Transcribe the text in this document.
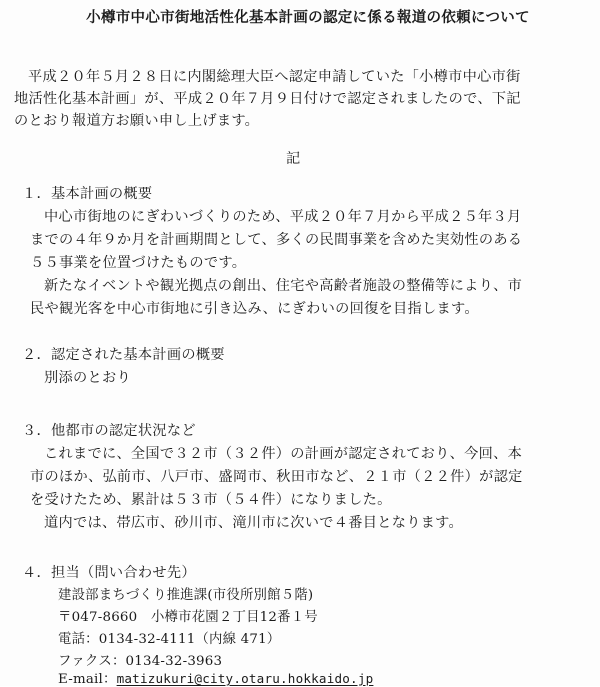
小樽市中心市街地活性化基本計画の認定に係る報道の依頼について
平成２０年５月２８日に内閣総理大臣へ認定申請していた「小樽市中心市街
地活性化基本計画」が、平成２０年７月９日付けで認定されましたので、下記
のとおり報道方お願い申し上げます。
記
１．基本計画の概要
中心市街地のにぎわいづくりのため、平成２０年７月から平成２５年３月
までの４年９か月を計画期間として、多くの民間事業を含めた実効性のある
５５事業を位置づけたものです。
新たなイベントや観光拠点の創出、住宅や高齢者施設の整備等により、市
民や観光客を中心市街地に引き込み、にぎわいの回復を目指します。
２．認定された基本計画の概要
別添のとおり
３．他都市の認定状況など
これまでに、全国で３２市（３２件）の計画が認定されており、今回、本
市のほか、弘前市、八戸市、盛岡市、秋田市など、２１市（２２件）が認定
を受けたため、累計は５３市（５４件）になりました。
道内では、帯広市、砂川市、滝川市に次いで４番目となります。
４．担当（問い合わせ先）
建設部まちづくり推進課(市役所別館５階)
〒047-8660　小樽市花園２丁目12番１号
電話：0134-32-4111（内線 471）
ファクス：0134-32-3963
E-mail：matizukuri@city.otaru.hokkaido.jp
